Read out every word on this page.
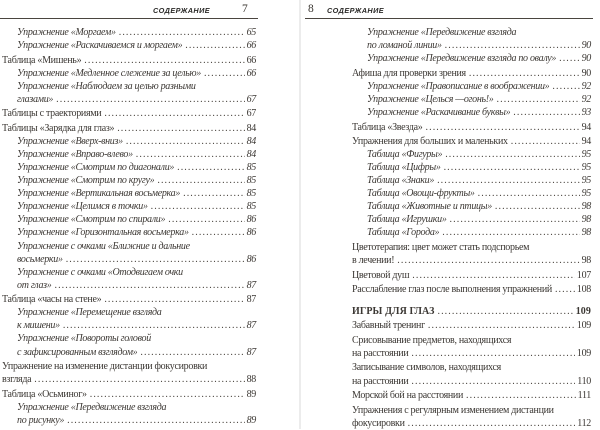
СОДЕРЖАНИЕ	7
Упражнение «Моргаем» .....	65
Упражнение «Раскачиваемся и моргаем» .....	66
Таблица «Мишень» .....	66
Упражнение «Медленное слежение за целью» .....	66
Упражнение «Наблюдаем за целью разными
глазами» .....	67
Таблицы с траекториями .....	67
Таблицы «Зарядка для глаз» .....	84
Упражнение «Вверх-вниз» .....	84
Упражнение «Вправо-влево» .....	84
Упражнение «Смотрим по диагонали» .....	85
Упражнение «Смотрим по кругу» .....	85
Упражнение «Вертикальная восьмерка» .....	85
Упражнение «Целимся в точки» .....	85
Упражнение «Смотрим по спирали» .....	86
Упражнение «Горизонтальная восьмерка» .....	86
Упражнение с очками «Ближние и дальние
восьмерки» .....	86
Упражнение с очками «Отодвигаем очки
от глаз» .....	87
Таблица «часы на стене» .....	87
Упражнение «Перемещение взгляда
к мишени» .....	87
Упражнение «Повороты головой
с зафиксированным взглядом» .....	87
Упражнение на изменение дистанции фокусировки
взгляда .....	88
Таблица «Осьминог» .....	89
Упражнение «Передвижение взгляда
по рисунку» .....	89
8 СОДЕРЖАНИЕ
Упражнение «Передвижение взгляда
по ломаной линии» .....	90
Упражнение «Передвижение взгляда по овалу» .....	90
Афиша для проверки зрения .....	90
Упражнение «Правописание в воображении» .....	92
Упражнение «Целься —огонь!» .....	92
Упражнение «Раскачивание буквы» .....	93
Таблица «Звезда» .....	94
Упражнения для больших и маленьких .....	94
Таблица «Фигуры» .....	95
Таблица «Цифры» .....	95
Таблица «Знаки» .....	95
Таблица «Овощи-фрукты» .....	95
Таблица «Животные и птицы» .....	98
Таблица «Игрушки» .....	98
Таблица «Города» .....	98
Цветотерапия: цвет может стать подспорьем
в лечении! .....	98
Цветовой душ .....	107
Расслабление глаз после выполнения упражнений ..... 108
ИГРЫ ДЛЯ ГЛАЗ .....	109
Забавный тренинг .....	109
Срисовывание предметов, находящихся
на расстоянии .....	109
Записывание символов, находящихся
на расстоянии .....	110
Морской бой на расстоянии .....	111
Упражнения с регулярным изменением дистанции
фокусировки .....	112
